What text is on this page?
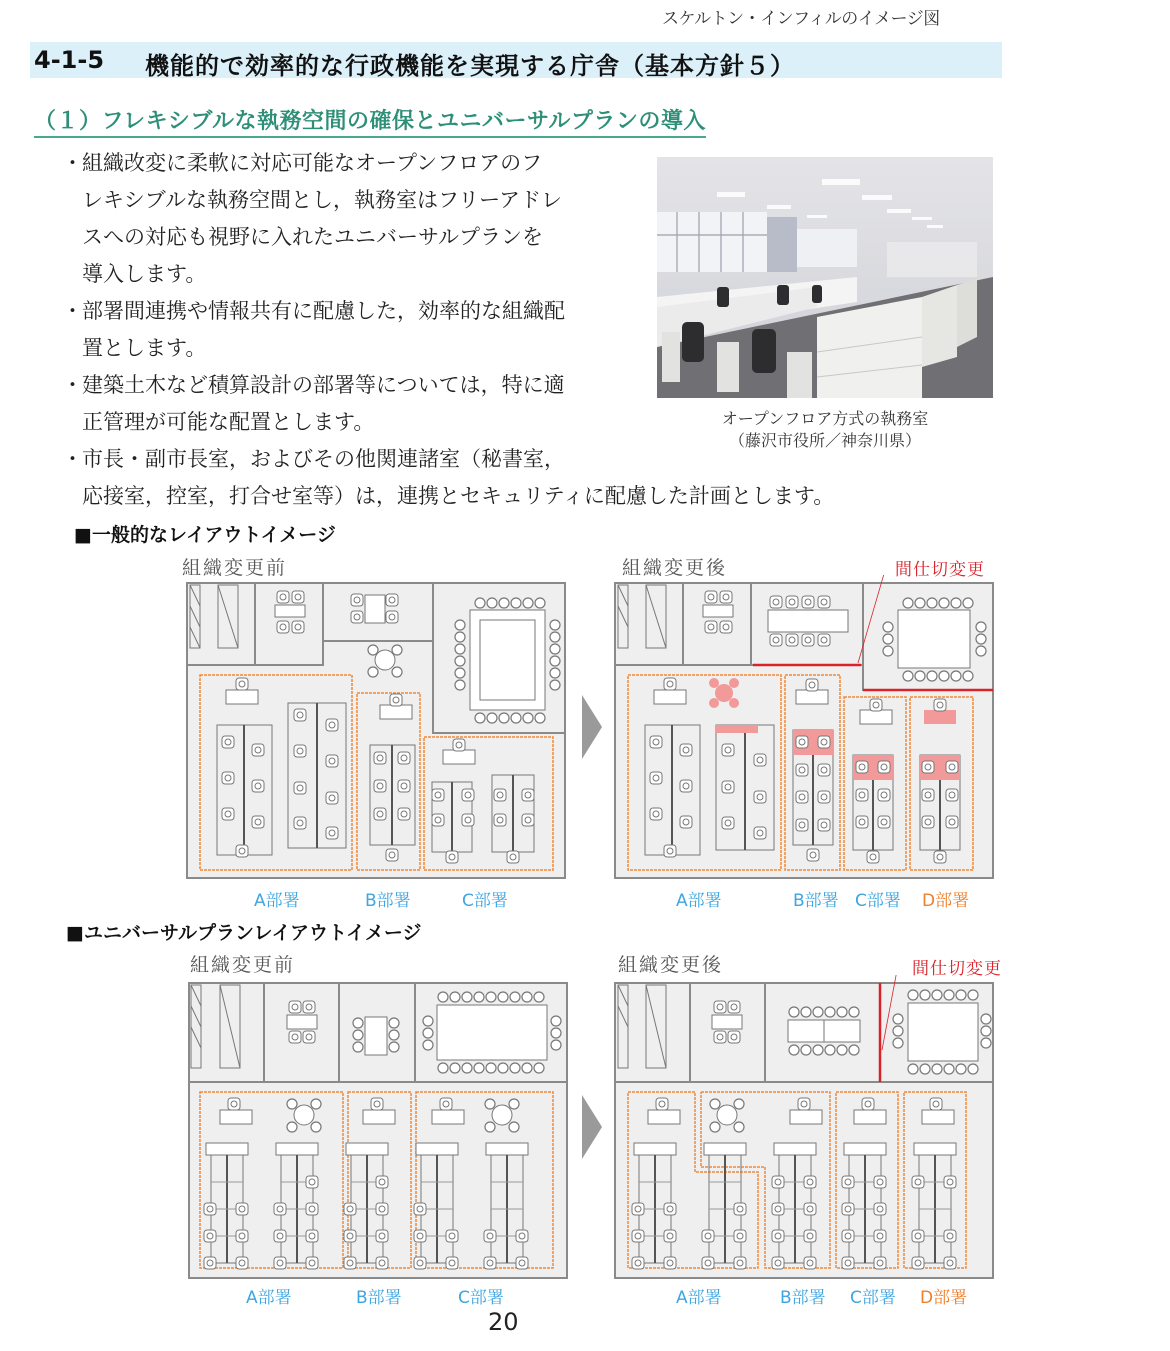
スケルトン・インフィルのイメージ図
4-1-5 機能的で効率的な行政機能を実現する庁舎（基本方針５）
（１）フレキシブルな執務空間の確保とユニバーサルプランの導入
・ 組織改変に柔軟に対応可能なオープンフロアのフ
レキシブルな執務空間とし，執務室はフリーアドレ
スへの対応も視野に入れたユニバーサルプランを
導入します。
・ 部署間連携や情報共有に配慮した，効率的な組織配
置とします。
・ 建築土木など積算設計の部署等については，特に適
正管理が可能な配置とします。
・ 市長・副市長室，およびその他関連諸室（秘書室，
応接室，控室，打合せ室等）は，連携とセキュリティに配慮した計画とします。
オープンフロア方式の執務室
（藤沢市役所／神奈川県）
■一般的なレイアウトイメージ
組織変更前	組織変更後	間仕切変更
A部署	B部署	C部署	A部署	B部署 C部署 D部署
■ユニバーサルプランレイアウトイメージ
組織変更前	組織変更後	間仕切変更
A部署	B部署	C部署	A部署	B部署 C部署 D部署
20
